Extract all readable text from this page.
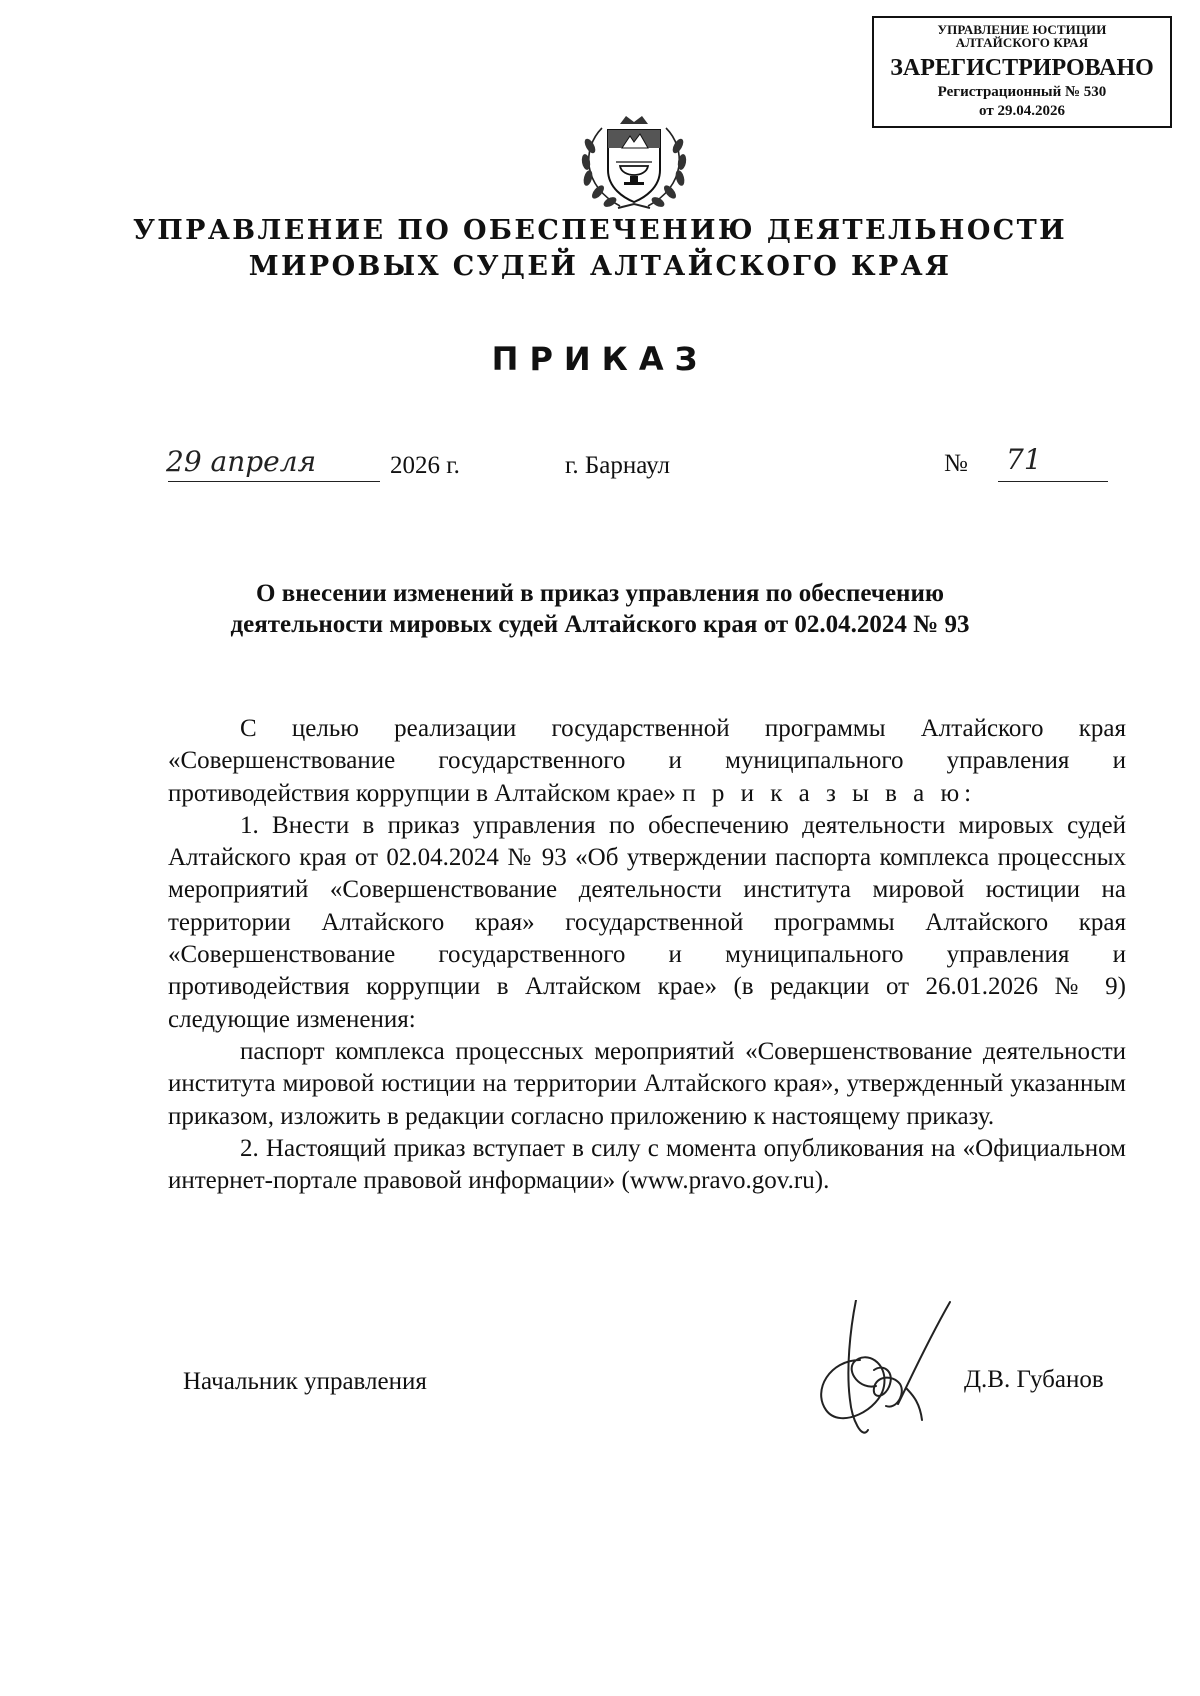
УПРАВЛЕНИЕ ЮСТИЦИИ
АЛТАЙСКОГО КРАЯ
ЗАРЕГИСТРИРОВАНО
Регистрационный № 530
от 29.04.2026
УПРАВЛЕНИЕ ПО ОБЕСПЕЧЕНИЮ ДЕЯТЕЛЬНОСТИ
МИРОВЫХ СУДЕЙ АЛТАЙСКОГО КРАЯ
ПРИКАЗ
29 апреля	2026 г.	г. Барнаул	№ 71
О внесении изменений в приказ управления по обеспечению
деятельности мировых судей Алтайского края от 02.04.2024 № 93

С целью реализации государственной программы Алтайского края «Совершенствование государственного и муниципального управления и противодействия коррупции в Алтайском крае» п р и к а з ы в а ю:

1. Внести в приказ управления по обеспечению деятельности мировых судей Алтайского края от 02.04.2024 № 93 «Об утверждении паспорта комплекса процессных мероприятий «Совершенствование деятельности института мировой юстиции на территории Алтайского края» государственной программы Алтайского края «Совершенствование государственного и муниципального управления и противодействия коррупции в Алтайском крае» (в редакции от 26.01.2026 № 9) следующие изменения:

паспорт комплекса процессных мероприятий «Совершенствование деятельности института мировой юстиции на территории Алтайского края», утвержденный указанным приказом, изложить в редакции согласно приложению к настоящему приказу.

2. Настоящий приказ вступает в силу с момента опубликования на «Официальном интернет-портале правовой информации» (www.pravo.gov.ru).

Начальник управления	Д.В. Губанов
